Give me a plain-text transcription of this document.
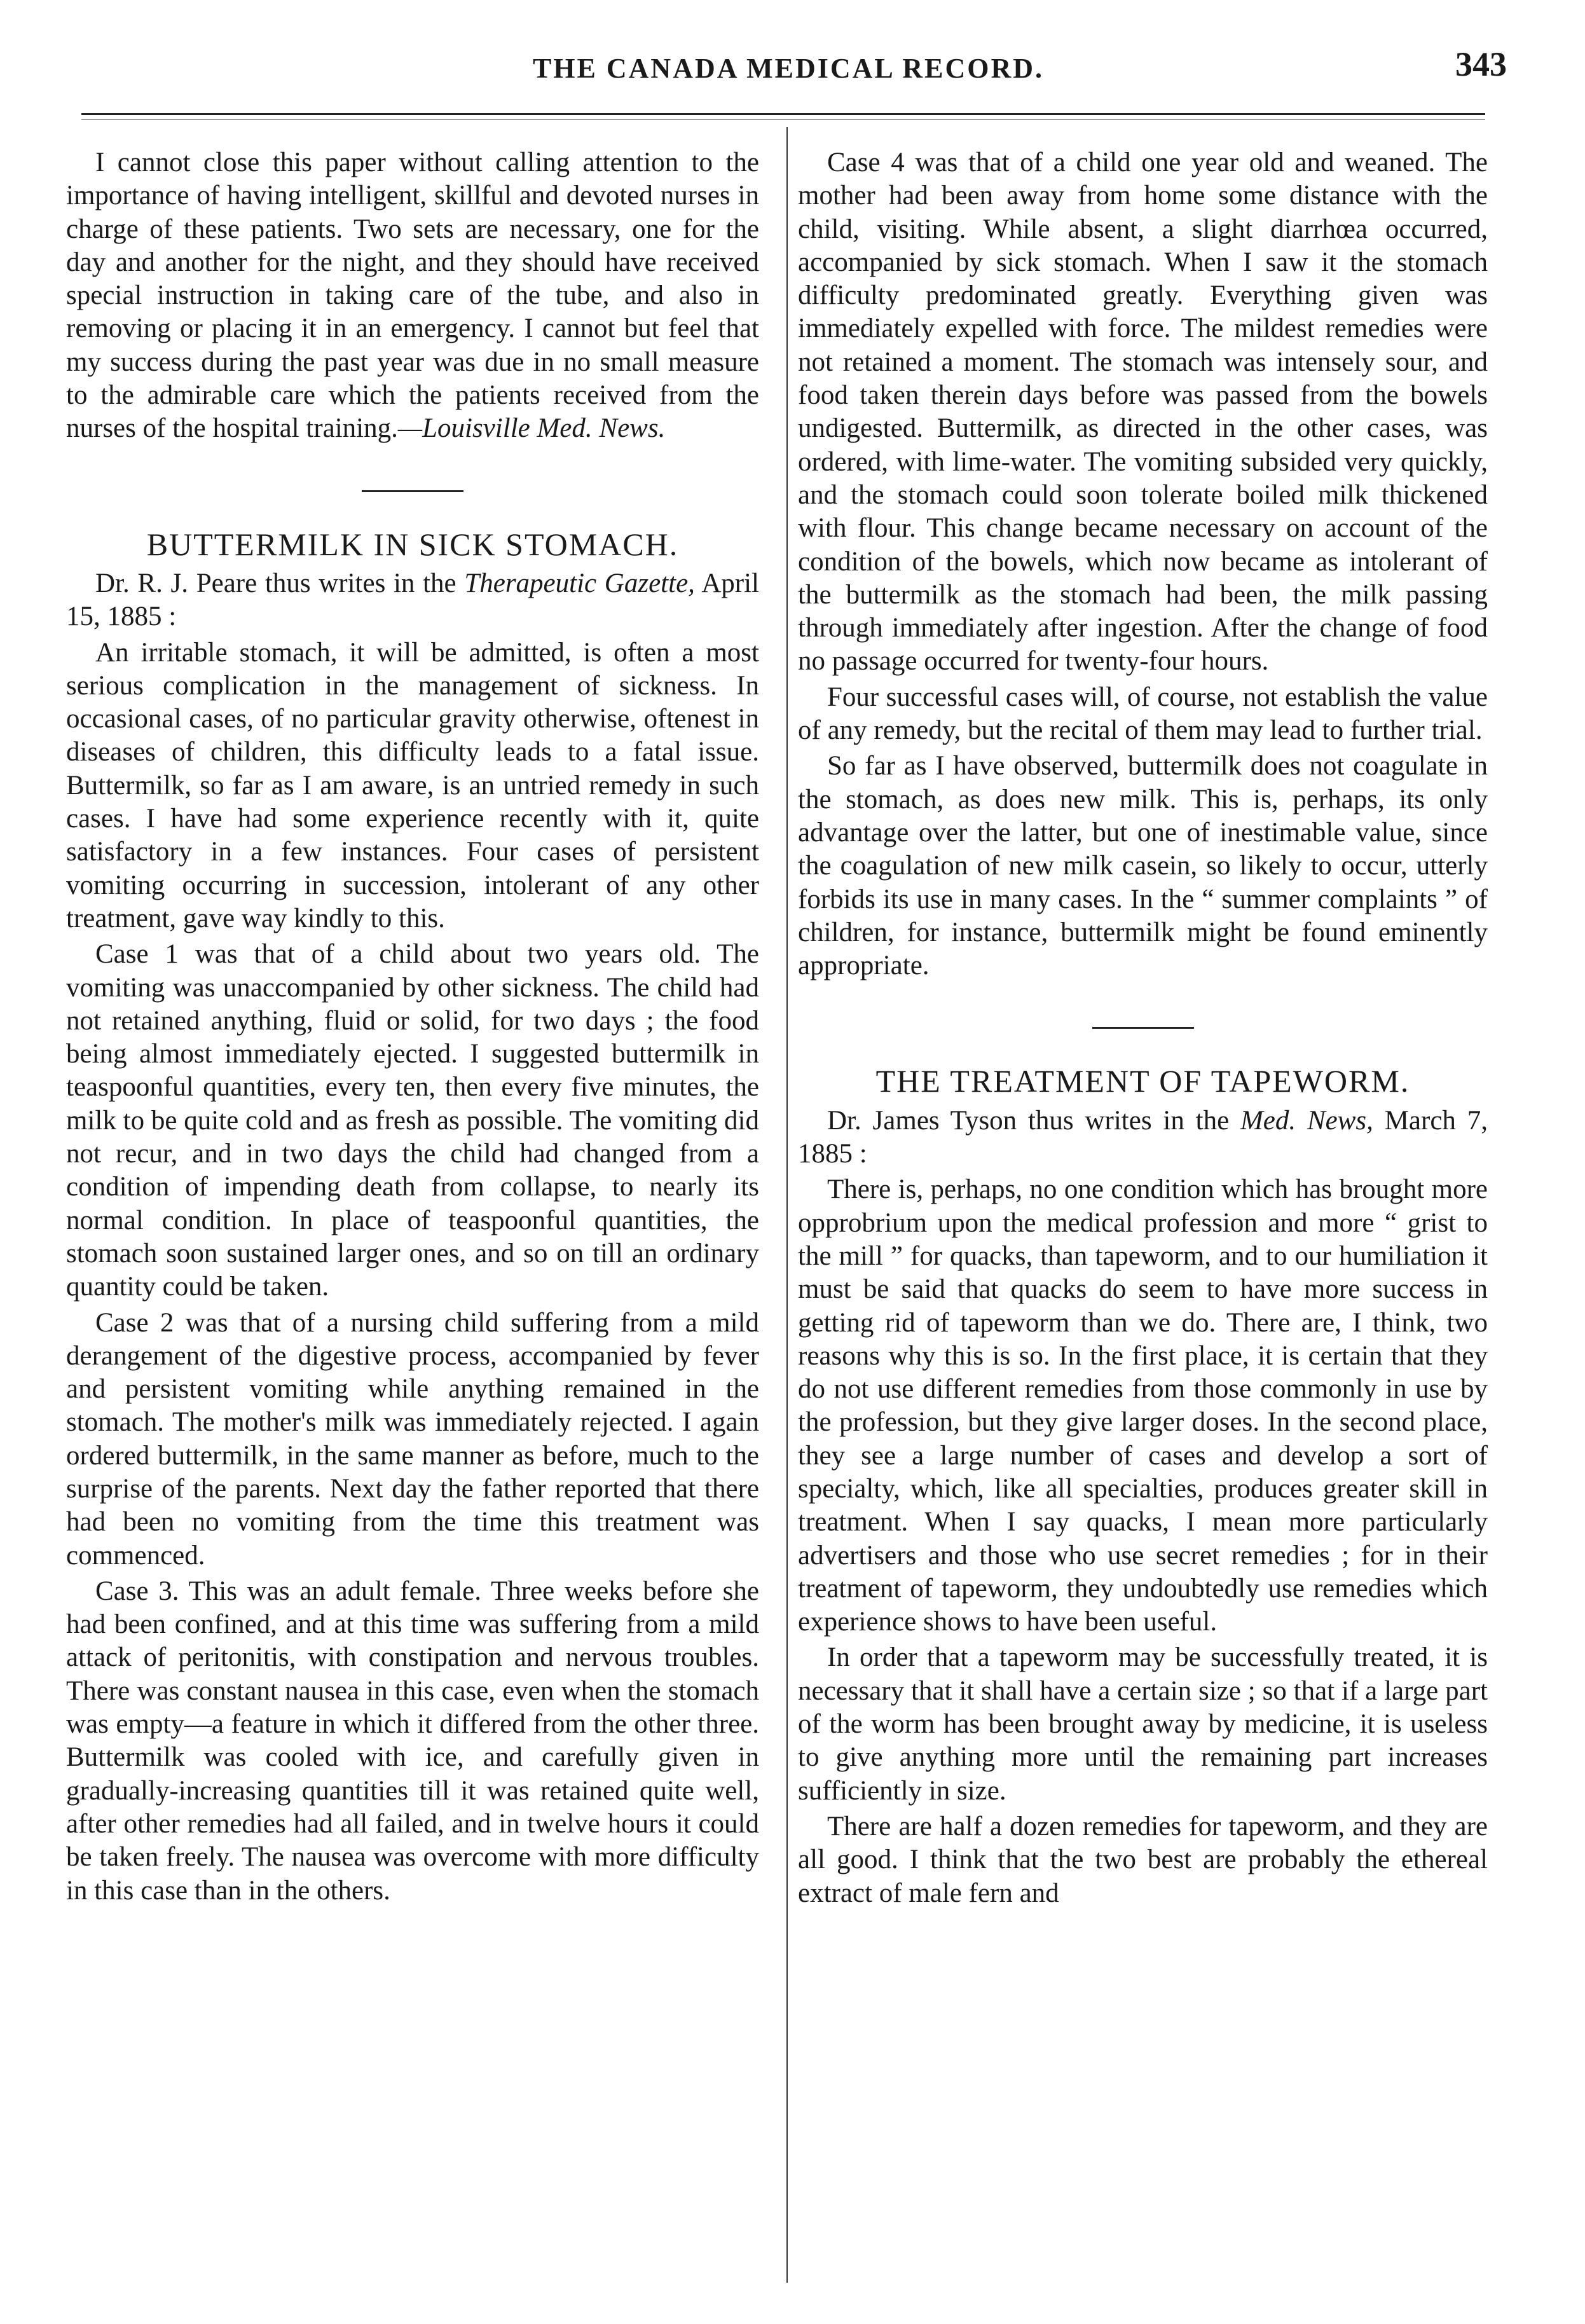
THE CANADA MEDICAL RECORD.	343

I cannot close this paper without calling attention to the importance of having intelligent, skillful and devoted nurses in charge of these patients. Two sets are necessary, one for the day and another for the night, and they should have received special instruction in taking care of the tube, and also in removing or placing it in an emergency. I cannot but feel that my success during the past year was due in no small measure to the admirable care which the patients received from the nurses of the hospital training.—Louisville Med. News.

BUTTERMILK IN SICK STOMACH.

Dr. R. J. Peare thus writes in the Therapeutic Gazette, April 15, 1885 :

An irritable stomach, it will be admitted, is often a most serious complication in the management of sickness. In occasional cases, of no particular gravity otherwise, oftenest in diseases of children, this difficulty leads to a fatal issue. Buttermilk, so far as I am aware, is an untried remedy in such cases. I have had some experience recently with it, quite satisfactory in a few instances. Four cases of persistent vomiting occurring in succession, intolerant of any other treatment, gave way kindly to this.

Case 1 was that of a child about two years old. The vomiting was unaccompanied by other sickness. The child had not retained anything, fluid or solid, for two days ; the food being almost immediately ejected. I suggested buttermilk in teaspoonful quantities, every ten, then every five minutes, the milk to be quite cold and as fresh as possible. The vomiting did not recur, and in two days the child had changed from a condition of impending death from collapse, to nearly its normal condition. In place of teaspoonful quantities, the stomach soon sustained larger ones, and so on till an ordinary quantity could be taken.

Case 2 was that of a nursing child suffering from a mild derangement of the digestive process, accompanied by fever and persistent vomiting while anything remained in the stomach. The mother's milk was immediately rejected. I again ordered buttermilk, in the same manner as before, much to the surprise of the parents. Next day the father reported that there had been no vomiting from the time this treatment was commenced.

Case 3. This was an adult female. Three weeks before she had been confined, and at this time was suffering from a mild attack of peritonitis, with constipation and nervous troubles. There was constant nausea in this case, even when the stomach was empty—a feature in which it differed from the other three. Buttermilk was cooled with ice, and carefully given in gradually-increasing quantities till it was retained quite well, after other remedies had all failed, and in twelve hours it could be taken freely. The nausea was overcome with more difficulty in this case than in the others.

Case 4 was that of a child one year old and weaned. The mother had been away from home some distance with the child, visiting. While absent, a slight diarrhœa occurred, accompanied by sick stomach. When I saw it the stomach difficulty predominated greatly. Everything given was immediately expelled with force. The mildest remedies were not retained a moment. The stomach was intensely sour, and food taken therein days before was passed from the bowels undigested. Buttermilk, as directed in the other cases, was ordered, with lime-water. The vomiting subsided very quickly, and the stomach could soon tolerate boiled milk thickened with flour. This change became necessary on account of the condition of the bowels, which now became as intolerant of the buttermilk as the stomach had been, the milk passing through immediately after ingestion. After the change of food no passage occurred for twenty-four hours.

Four successful cases will, of course, not establish the value of any remedy, but the recital of them may lead to further trial.

So far as I have observed, buttermilk does not coagulate in the stomach, as does new milk. This is, perhaps, its only advantage over the latter, but one of inestimable value, since the coagulation of new milk casein, so likely to occur, utterly forbids its use in many cases. In the “ summer complaints ” of children, for instance, buttermilk might be found eminently appropriate.

THE TREATMENT OF TAPEWORM.

Dr. James Tyson thus writes in the Med. News, March 7, 1885 :

There is, perhaps, no one condition which has brought more opprobrium upon the medical profession and more “ grist to the mill ” for quacks, than tapeworm, and to our humiliation it must be said that quacks do seem to have more success in getting rid of tapeworm than we do. There are, I think, two reasons why this is so. In the first place, it is certain that they do not use different remedies from those commonly in use by the profession, but they give larger doses. In the second place, they see a large number of cases and develop a sort of specialty, which, like all specialties, produces greater skill in treatment. When I say quacks, I mean more particularly advertisers and those who use secret remedies ; for in their treatment of tapeworm, they undoubtedly use remedies which experience shows to have been useful.

In order that a tapeworm may be successfully treated, it is necessary that it shall have a certain size ; so that if a large part of the worm has been brought away by medicine, it is useless to give anything more until the remaining part increases sufficiently in size.

There are half a dozen remedies for tapeworm, and they are all good. I think that the two best are probably the ethereal extract of male fern and
